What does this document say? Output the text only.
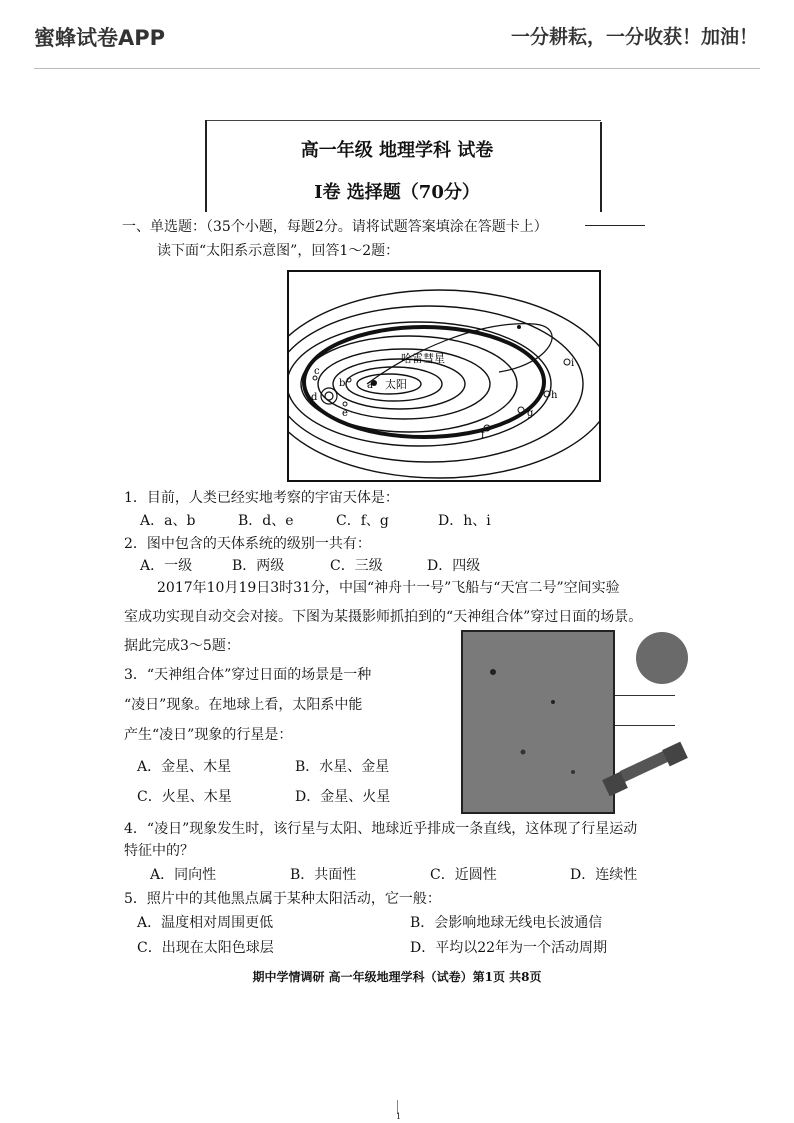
蜜蜂试卷APP	一分耕耘，一分收获！加油！
高一年级 地理学科 试卷
Ⅰ卷 选择题（70分）
一、单选题：（35个小题，每题2分。请将试题答案填涂在答题卡上）
读下面“太阳系示意图”，回答1～2题：
哈雷彗星
太阳
a
b
c
d
e
f
g
h
i
1．目前，人类已经实地考察的宇宙天体是：
A．a、b	B．d、e	C．f、g	D．h、i
2．图中包含的天体系统的级别一共有：
A．一级	B．两级	C．三级	D．四级
2017年10月19日3时31分，中国“神舟十一号”飞船与“天宫二号”空间实验
室成功实现自动交会对接。下图为某摄影师抓拍到的“天神组合体”穿过日面的场景。
据此完成3～5题：
3．“天神组合体”穿过日面的场景是一种
“凌日”现象。在地球上看，太阳系中能
产生“凌日”现象的行星是：
A．金星、木星	B．水星、金星
C．火星、木星	D．金星、火星
4．“凌日”现象发生时，该行星与太阳、地球近乎排成一条直线，这体现了行星运动
特征中的？
A．同向性	B．共面性	C．近圆性	D．连续性
5．照片中的其他黑点属于某种太阳活动，它一般：
A．温度相对周围更低	B．会影响地球无线电长波通信
C．出现在太阳色球层	D．平均以22年为一个活动周期
期中学情调研 高一年级地理学科（试卷）第1页 共8页
1
